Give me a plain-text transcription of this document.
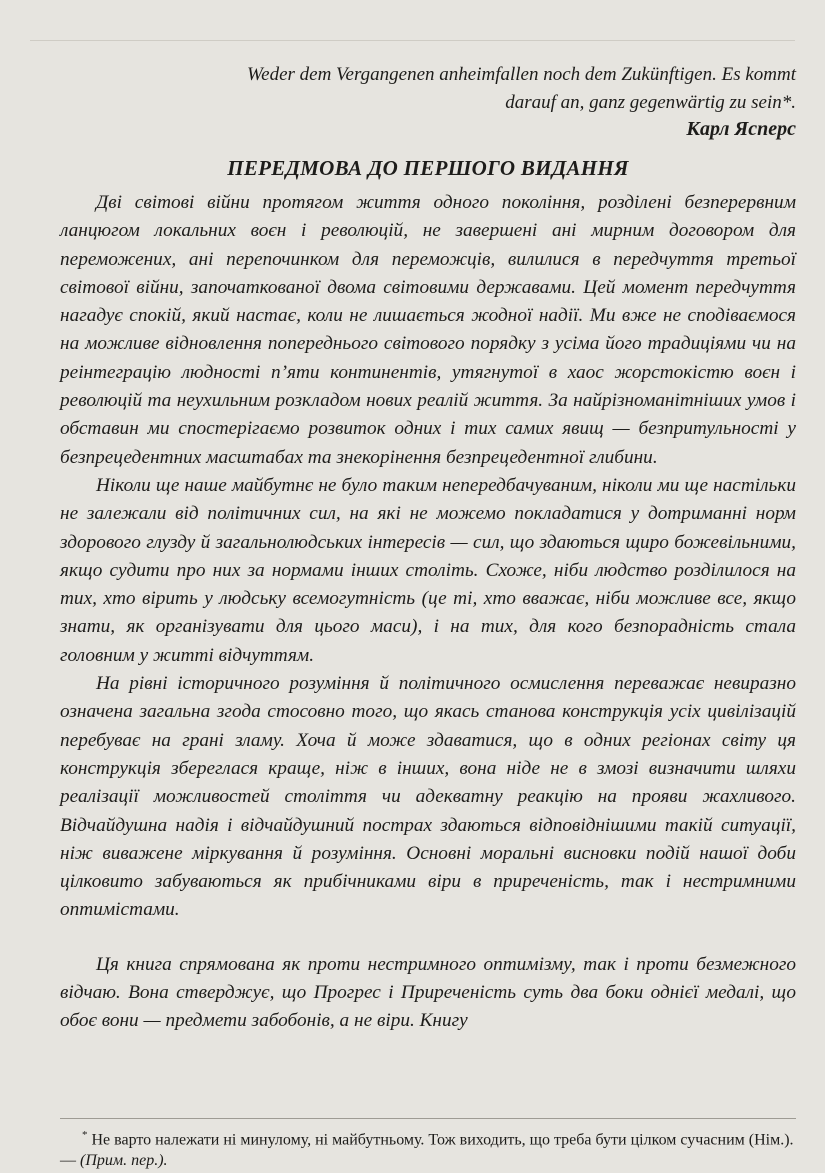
Weder dem Vergangenen anheimfallen noch dem Zukünftigen. Es kommt
darauf an, ganz gegenwärtig zu sein*.
Карл Ясперс
ПЕРЕДМОВА ДО ПЕРШОГО ВИДАННЯ

Дві світові війни протягом життя одного покоління, розділені безперервним ланцюгом локальних воєн і революцій, не завершені ані мирним договором для переможених, ані перепочинком для переможців, вилилися в передчуття третьої світової війни, започаткованої двома світовими державами. Цей момент передчуття нагадує спокій, який настає, коли не лишається жодної надії. Ми вже не сподіваємося на можливе відновлення попереднього світового порядку з усіма його традиціями чи на реінтеграцію людності п’яти континентів, утягнутої в хаос жорстокістю воєн і революцій та неухильним розкладом нових реалій життя. За найрізноманітніших умов і обставин ми спостерігаємо розвиток одних і тих самих явищ — безпритульності у безпрецедентних масштабах та знекорінення безпрецедентної глибини.

Ніколи ще наше майбутнє не було таким непередбачуваним, ніколи ми ще настільки не залежали від політичних сил, на які не можемо покладатися у дотриманні норм здорового глузду й загальнолюдських інтересів — сил, що здаються щиро божевільними, якщо судити про них за нормами інших століть. Схоже, ніби людство розділилося на тих, хто вірить у людську всемогутність (це ті, хто вважає, ніби можливе все, якщо знати, як організувати для цього маси), і на тих, для кого безпорадність стала головним у житті відчуттям.

На рівні історичного розуміння й політичного осмислення переважає невиразно означена загальна згода стосовно того, що якась станова конструкція усіх цивілізацій перебуває на грані зламу. Хоча й може здаватися, що в одних регіонах світу ця конструкція збереглася краще, ніж в інших, вона ніде не в змозі визначити шляхи реалізації можливостей століття чи адекватну реакцію на прояви жахливого. Відчайдушна надія і відчайдушний пострах здаються відповіднішими такій ситуації, ніж виважене міркування й розуміння. Основні моральні висновки подій нашої доби цілковито забуваються як прибічниками віри в приреченість, так і нестримними оптимістами.

Ця книга спрямована як проти нестримного оптимізму, так і проти безмежного відчаю. Вона стверджує, що Прогрес і Приреченість суть два боки однієї медалі, що обоє вони — предмети забобонів, а не віри. Книгу

* Не варто належати ні минулому, ні майбутньому. Тож виходить, що треба бути цілком сучасним (Нім.). — (Прим. пер.).
